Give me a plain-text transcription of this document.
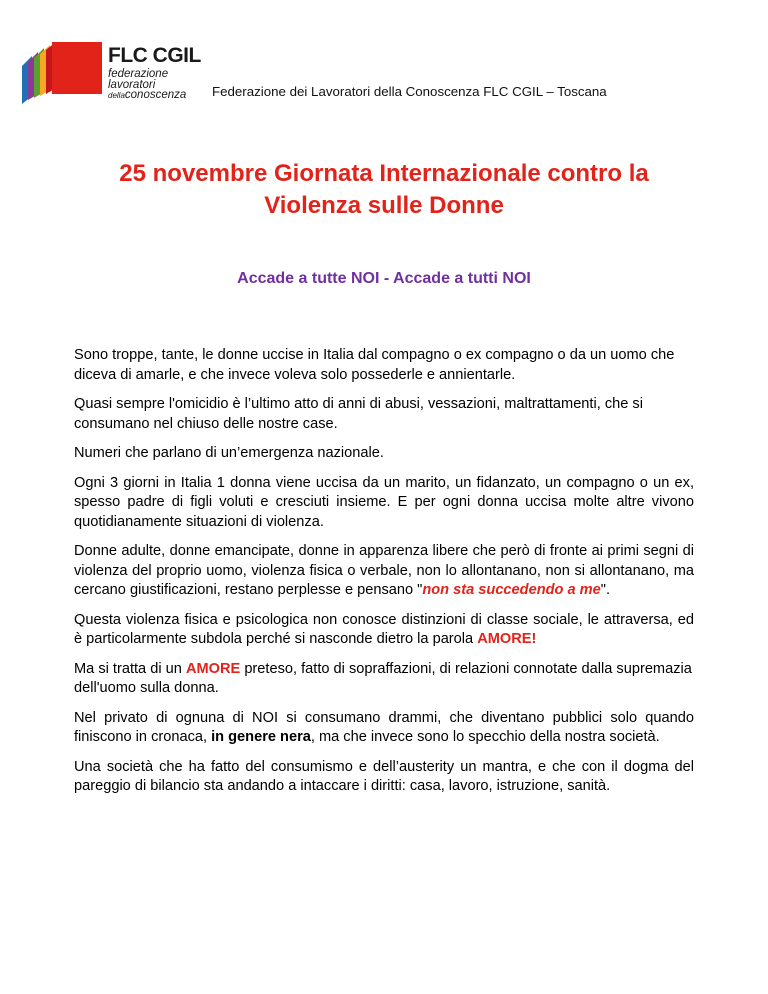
FLC CGIL
federazione
lavoratori
dellaconoscenza Federazione dei Lavoratori della Conoscenza FLC CGIL – Toscana
25 novembre Giornata Internazionale contro la
Violenza sulle Donne
Accade a tutte NOI - Accade a tutti NOI

Sono troppe, tante, le donne uccise in Italia dal compagno o ex compagno o da un uomo che diceva di amarle, e che invece voleva solo possederle e annientarle.

Quasi sempre l'omicidio è l’ultimo atto di anni di abusi, vessazioni, maltrattamenti, che si consumano nel chiuso delle nostre case.

Numeri che parlano di un’emergenza nazionale.

Ogni 3 giorni in Italia 1 donna viene uccisa da un marito, un fidanzato, un compagno o un ex, spesso padre di figli voluti e cresciuti insieme. E per ogni donna uccisa molte altre vivono quotidianamente situazioni di violenza.

Donne adulte, donne emancipate, donne in apparenza libere che però di fronte ai primi segni di violenza del proprio uomo, violenza fisica o verbale, non lo allontanano, non si allontanano, ma cercano giustificazioni, restano perplesse e pensano "non sta succedendo a me".

Questa violenza fisica e psicologica non conosce distinzioni di classe sociale, le attraversa, ed è particolarmente subdola perché si nasconde dietro la parola AMORE!

Ma si tratta di un AMORE preteso, fatto di sopraffazioni, di relazioni connotate dalla supremazia dell'uomo sulla donna.

Nel privato di ognuna di NOI si consumano drammi, che diventano pubblici solo quando finiscono in cronaca, in genere nera, ma che invece sono lo specchio della nostra società.

Una società che ha fatto del consumismo e dell’austerity un mantra, e che con il dogma del pareggio di bilancio sta andando a intaccare i diritti: casa, lavoro, istruzione, sanità.
